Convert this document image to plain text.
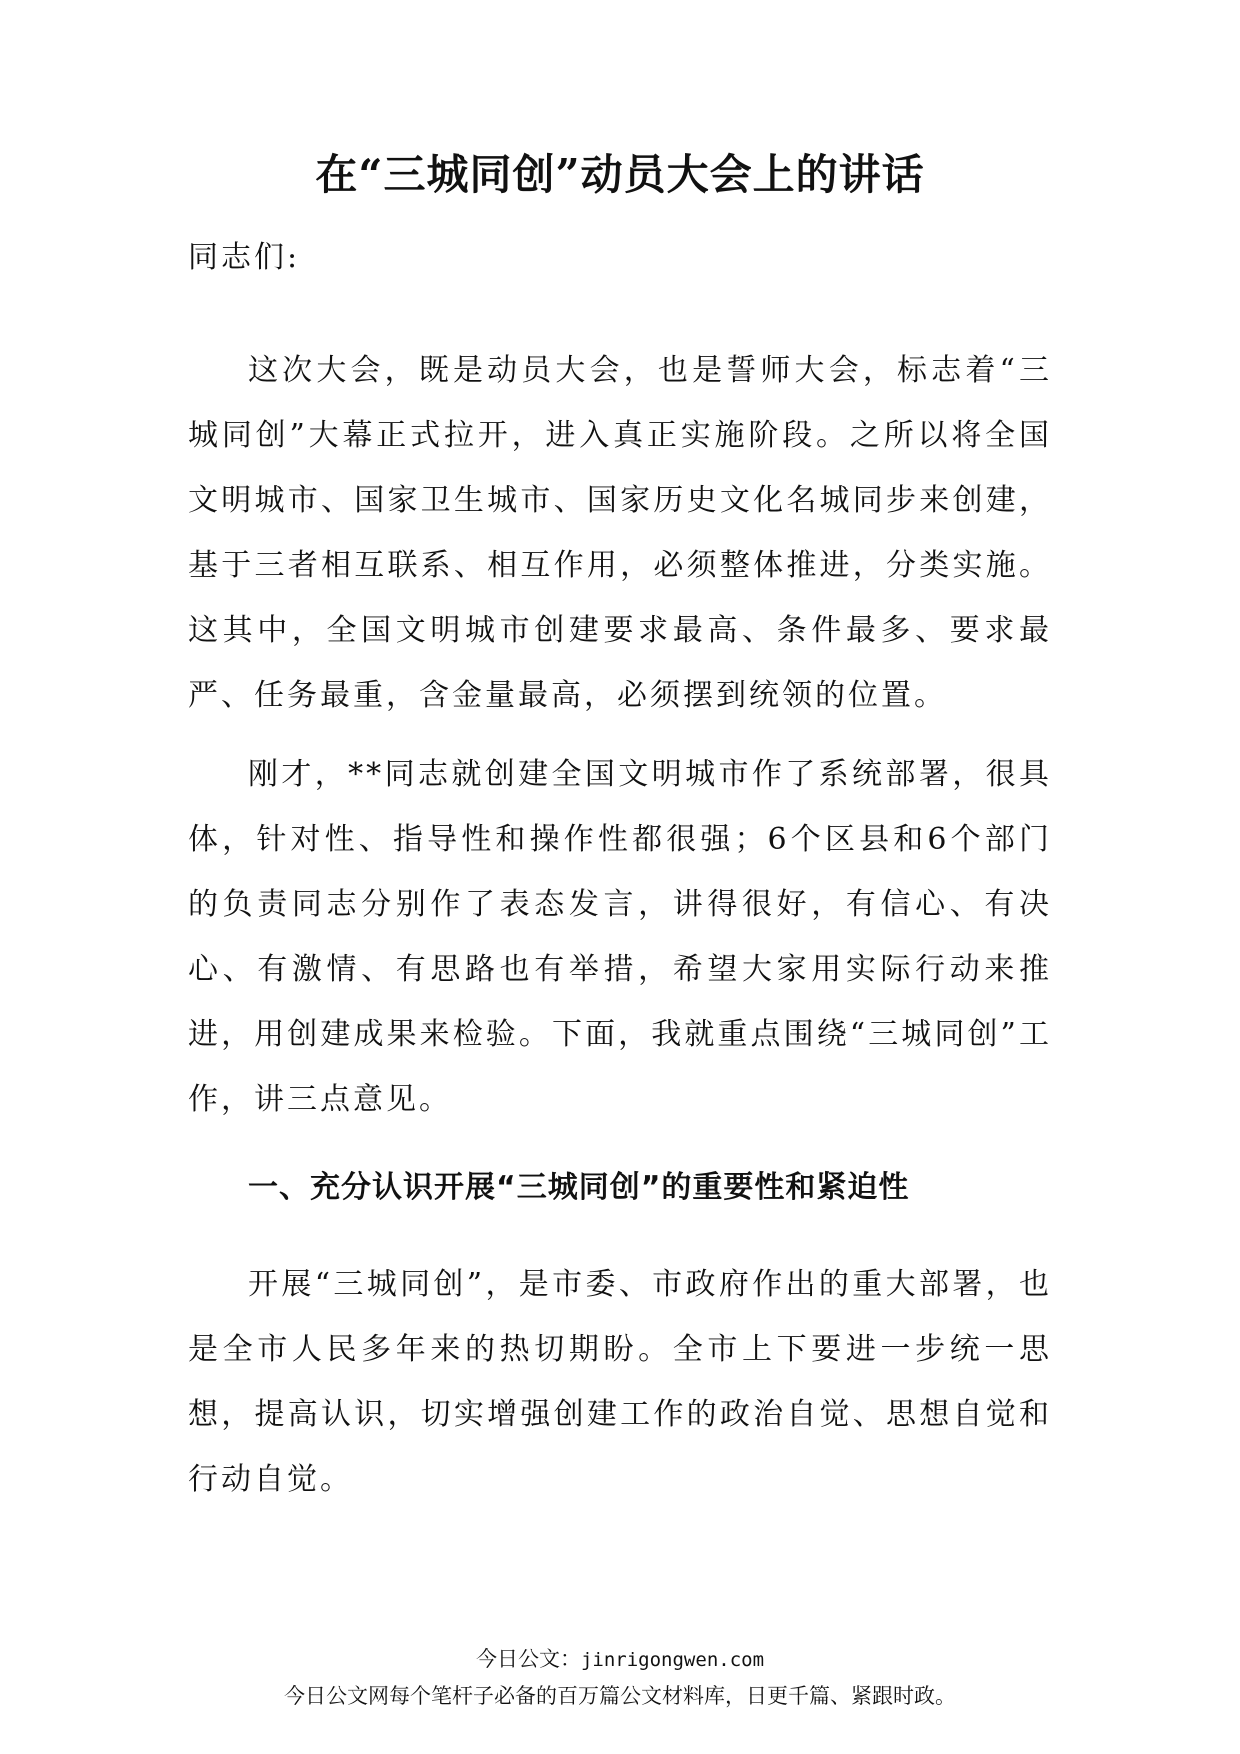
在“三城同创”动员大会上的讲话

同志们:

这次大会，既是动员大会，也是誓师大会，标志着“三城同创”大幕正式拉开，进入真正实施阶段。之所以将全国文明城市、国家卫生城市、国家历史文化名城同步来创建，基于三者相互联系、相互作用，必须整体推进，分类实施。这其中，全国文明城市创建要求最高、条件最多、要求最严、任务最重，含金量最高，必须摆到统领的位置。

刚才，**同志就创建全国文明城市作了系统部署，很具体，针对性、指导性和操作性都很强；6个区县和6个部门的负责同志分别作了表态发言，讲得很好，有信心、有决心、有激情、有思路也有举措，希望大家用实际行动来推进，用创建成果来检验。下面，我就重点围绕“三城同创”工作，讲三点意见。

一、充分认识开展“三城同创”的重要性和紧迫性

开展“三城同创”，是市委、市政府作出的重大部署，也是全市人民多年来的热切期盼。全市上下要进一步统一思想，提高认识，切实增强创建工作的政治自觉、思想自觉和行动自觉。

今日公文：jinrigongwen.com

今日公文网每个笔杆子必备的百万篇公文材料库，日更千篇、紧跟时政。
